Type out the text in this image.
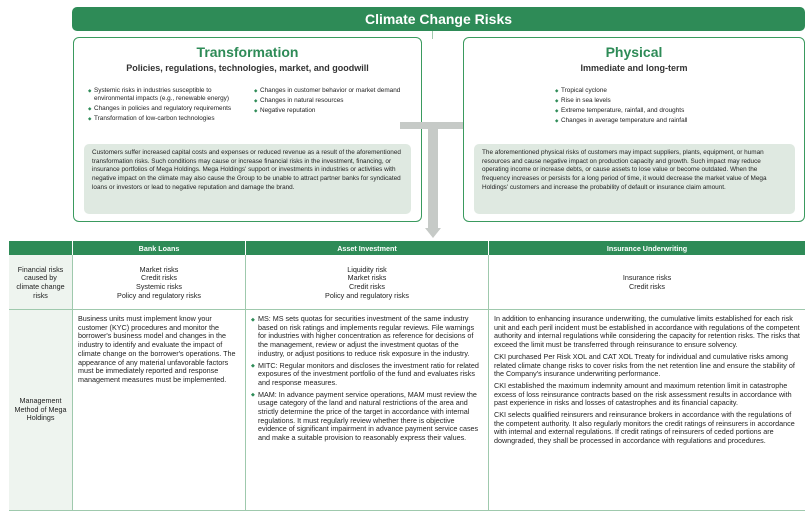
Climate Change Risks
Transformation
Policies, regulations, technologies, market, and goodwill
◆ Systemic risks in industries susceptible to environmental impacts (e.g., renewable energy)
◆ Changes in policies and regulatory requirements
◆ Transformation of low-carbon technologies
◆ Changes in customer behavior or market demand
◆ Changes in natural resources
◆ Negative reputation
Customers suffer increased capital costs and expenses or reduced revenue as a result of the aforementioned transformation risks. Such conditions may cause or increase financial risks in the investment, financing, or insurance portfolios of Mega Holdings. Mega Holdings' support or investments in industries or activities with negative impact on the climate may also cause the Group to be unable to attract partner banks for syndicated loans or investors or lead to negative reputation and damage the brand.
Physical
Immediate and long-term
◆ Tropical cyclone
◆ Rise in sea levels
◆ Extreme temperature, rainfall, and droughts
◆ Changes in average temperature and rainfall
The aforementioned physical risks of customers may impact suppliers, plants, equipment, or human resources and cause negative impact on production capacity and growth. Such impact may reduce operating income or increase debts, or cause assets to lose value or become outdated. When the frequency increases or persists for a long period of time, it would decrease the market value of Mega Holdings' customers and increase the probability of default or insurance claim amount.
Bank Loans	Asset Investment	Insurance Underwriting
Financial risks caused by climate change risks
Market risks
Credit risks
Systemic risks
Policy and regulatory risks
Liquidity risk
Market risks
Credit risks
Policy and regulatory risks
Insurance risks
Credit risks
Management Method of Mega Holdings
Business units must implement know your customer (KYC) procedures and monitor the borrower's business model and changes in the industry to identify and evaluate the impact of climate change on the borrower's operations. The appearance of any material unfavorable factors must be immediately reported and response management measures must be implemented.
◆ MS: MS sets quotas for securities investment of the same industry based on risk ratings and implements regular reviews. File warnings for industries with higher concentration as reference for decisions of the management, review or adjust the investment quotas of the industry, or adjust positions to reduce risk exposure in the industry.
◆ MITC: Regular monitors and discloses the investment ratio for related exposures of the investment portfolio of the fund and evaluates risks and response measures.
◆ MAM: In advance payment service operations, MAM must review the usage category of the land and natural restrictions of the area and strictly determine the price of the target in accordance with internal regulations. It must regularly review whether there is objective evidence of significant impairment in advance payment service cases and make a suitable provision to reasonably express their values.

In addition to enhancing insurance underwriting, the cumulative limits established for each risk unit and each peril incident must be established in accordance with regulations of the competent authority and internal regulations while considering the capacity for retention risks. The risks that exceed the limit must be transferred through reinsurance to ensure solvency.

CKI purchased Per Risk XOL and CAT XOL Treaty for individual and cumulative risks among related climate change risks to cover risks from the net retention line and ensure the stability of the Company's insurance underwriting performance.

CKI established the maximum indemnity amount and maximum retention limit in catastrophe excess of loss reinsurance contracts based on the risk assessment results in accordance with past experience in risks and losses of catastrophes and its financial capacity.

CKI selects qualified reinsurers and reinsurance brokers in accordance with the regulations of the competent authority. It also regularly monitors the credit ratings of reinsurers in accordance with internal and external regulations. If credit ratings of reinsurers of ceded portions are downgraded, they shall be processed in accordance with regulations and procedures.
